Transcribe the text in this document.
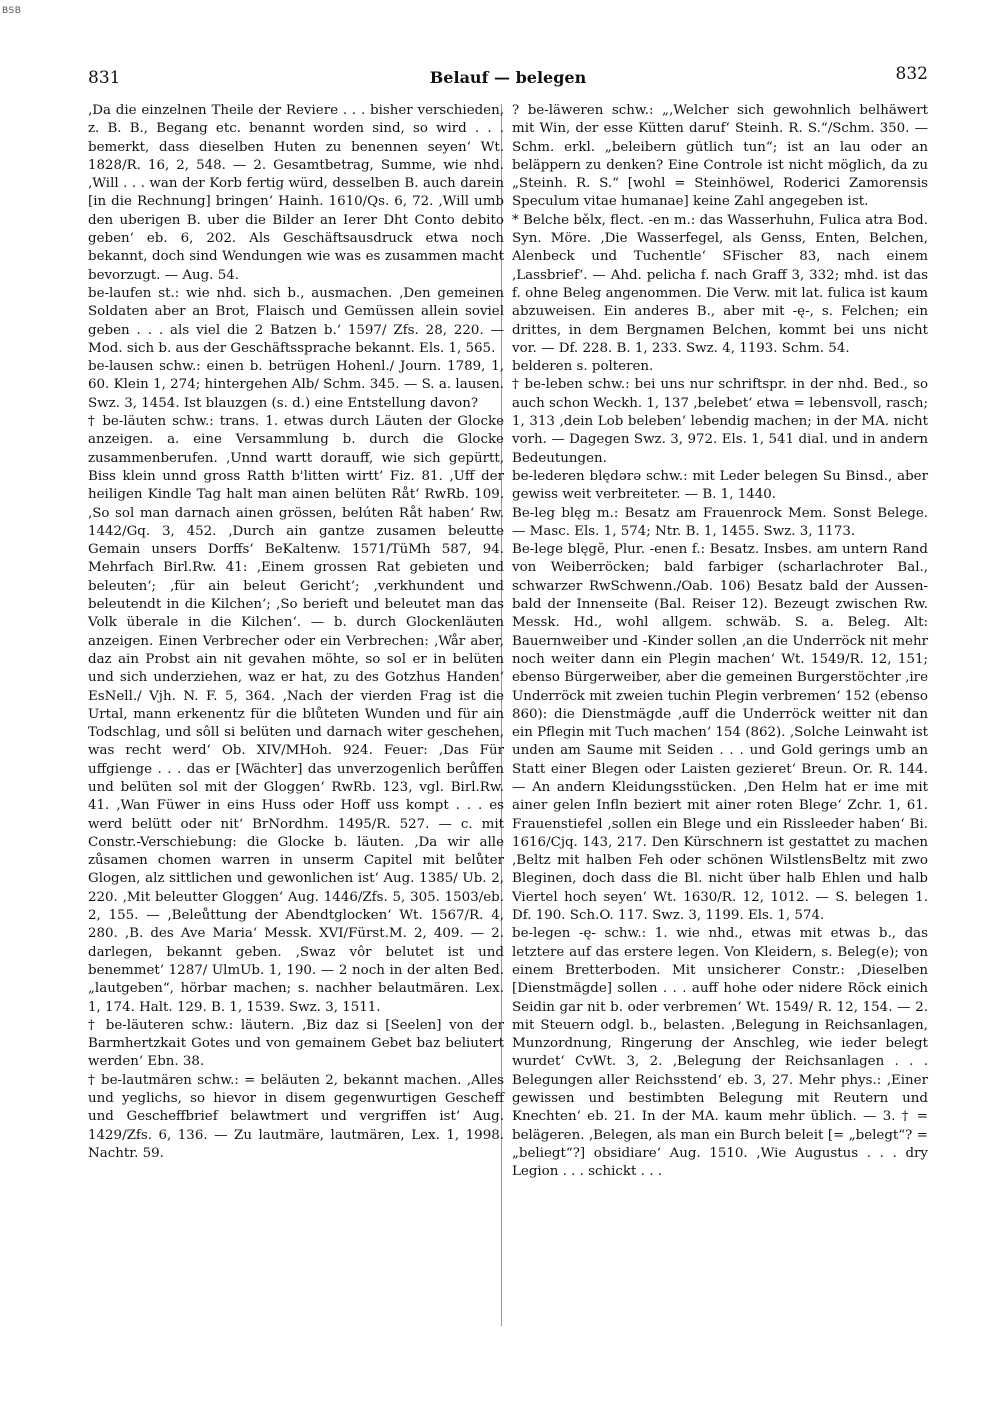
BSB
831	Belauf — belegen	832

‚Da die einzelnen Theile der Reviere . . . bisher verschieden, z. B. B., Begang etc. benannt worden sind, so wird . . . bemerkt, dass dieselben Huten zu benennen seyen‘ Wt. 1828/R. 16, 2, 548. — 2. Gesamtbetrag, Summe, wie nhd. ‚Will . . . wan der Korb fertig würd, desselben B. auch darein [in die Rechnung] bringen‘ Hainh. 1610/Qs. 6, 72. ‚Will umb den uberigen B. uber die Bilder an Ierer Dht Conto debito geben‘ eb. 6, 202. Als Geschäftsausdruck etwa noch bekannt, doch sind Wendungen wie was es zusammen macht bevorzugt. — Aug. 54.

be-laufen st.: wie nhd. sich b., ausmachen. ‚Den gemeinen Soldaten aber an Brot, Flaisch und Gemüssen allein soviel geben . . . als viel die 2 Batzen b.‘ 1597/ Zfs. 28, 220. — Mod. sich b. aus der Geschäftssprache bekannt. Els. 1, 565.

be-lausen schw.: einen b. betrügen Hohenl./ Journ. 1789, 1, 60. Klein 1, 274; hintergehen Alb/ Schm. 345. — S. a. lausen. Swz. 3, 1454. Ist blauzgen (s. d.) eine Entstellung davon?

† be-läuten schw.: trans. 1. etwas durch Läuten der Glocke anzeigen. a. eine Versammlung b. durch die Glocke zusammenberufen. ‚Unnd wartt dorauff, wie sich gepürtt, Biss klein unnd gross Ratth b'litten wirtt‘ Fiz. 81. ‚Uff der heiligen Kindle Tag halt man ainen belüten Råt‘ RwRb. 109. ‚So sol man darnach ainen grössen, belúten Råt haben‘ Rw. 1442/Gq. 3, 452. ‚Durch ain gantze zusamen beleutte Gemain unsers Dorffs‘ BeKaltenw. 1571/TüMh 587, 94. Mehrfach Birl.Rw. 41: ‚Einem grossen Rat gebieten und beleuten‘; ‚für ain beleut Gericht‘; ‚verkhundent und beleutendt in die Kilchen‘; ‚So berieft und beleutet man das Volk überale in die Kilchen‘. — b. durch Glockenläuten anzeigen. Einen Verbrecher oder ein Verbrechen: ‚Wår aber, daz ain Probst ain nit gevahen möhte, so sol er in belüten und sich underziehen, waz er hat, zu des Gotzhus Handen‘ EsNell./ Vjh. N. F. 5, 364. ‚Nach der vierden Frag ist die Urtal, mann erkenentz für die blůteten Wunden und für ain Todschlag, und sôll si belüten und darnach witer geschehen, was recht werd‘ Ob. XIV/MHoh. 924. Feuer: ‚Das Für uffgienge . . . das er [Wächter] das unverzogenlich berůffen und belüten sol mit der Gloggen‘ RwRb. 123, vgl. Birl.Rw. 41. ‚Wan Füwer in eins Huss oder Hoff uss kompt . . . es werd belütt oder nit‘ BrNordhm. 1495/R. 527. — c. mit Constr.-Verschiebung: die Glocke b. läuten. ‚Da wir alle zůsamen chomen warren in unserm Capitel mit belůter Glogen, alz sittlichen und gewonlichen ist‘ Aug. 1385/ Ub. 2, 220. ‚Mit beleutter Gloggen‘ Aug. 1446/Zfs. 5, 305. 1503/eb. 2, 155. — ‚Beleůttung der Abendtglocken‘ Wt. 1567/R. 4, 280. ‚B. des Ave Maria‘ Messk. XVI/Fürst.M. 2, 409. — 2. darlegen, bekannt geben. ‚Swaz vôr belutet ist und benemmet‘ 1287/ UlmUb. 1, 190. — 2 noch in der alten Bed. „lautgeben“, hörbar machen; s. nachher belautmären. Lex. 1, 174. Halt. 129. B. 1, 1539. Swz. 3, 1511.

† be-läuteren schw.: läutern. ‚Biz daz si [Seelen] von der Barmhertzkait Gotes und von gemainem Gebet baz beliutert werden‘ Ebn. 38.

† be-lautmären schw.: = beläuten 2, bekannt machen. ‚Alles und yeglichs, so hievor in disem gegenwurtigen Gescheff und Gescheffbrief belawtmert und vergriffen ist‘ Aug. 1429/Zfs. 6, 136. — Zu lautmäre, lautmären, Lex. 1, 1998. Nachtr. 59.

? be-läweren schw.: „‚Welcher sich gewohnlich belhäwert mit Win, der esse Kütten daruf‘ Steinh. R. S.“/Schm. 350. — Schm. erkl. „beleibern gütlich tun“; ist an lau oder an beläppern zu denken? Eine Controle ist nicht möglich, da zu „Steinh. R. S.“ [wohl = Steinhöwel, Roderici Zamorensis Speculum vitae humanae] keine Zahl angegeben ist.

* Belche bělx, flect. -en m.: das Wasserhuhn, Fulica atra Bod. Syn. Möre. ‚Die Wasserfegel, als Genss, Enten, Belchen, Alenbeck und Tuchentle‘ SFischer 83, nach einem ‚Lassbrief‘. — Ahd. pelicha f. nach Graff 3, 332; mhd. ist das f. ohne Beleg angenommen. Die Verw. mit lat. fulica ist kaum abzuweisen. Ein anderes B., aber mit -ę-, s. Felchen; ein drittes, in dem Bergnamen Belchen, kommt bei uns nicht vor. — Df. 228. B. 1, 233. Swz. 4, 1193. Schm. 54.

belderen s. polteren.

† be-leben schw.: bei uns nur schriftspr. in der nhd. Bed., so auch schon Weckh. 1, 137 ‚belebet‘ etwa = lebensvoll, rasch; 1, 313 ‚dein Lob beleben‘ lebendig machen; in der MA. nicht vorh. — Dagegen Swz. 3, 972. Els. 1, 541 dial. und in andern Bedeutungen.

be-lederen blędərə schw.: mit Leder belegen Su Binsd., aber gewiss weit verbreiteter. — B. 1, 1440.

Be-leg blęg m.: Besatz am Frauenrock Mem. Sonst Belege. — Masc. Els. 1, 574; Ntr. B. 1, 1455. Swz. 3, 1173.

Be-lege blęgĕ, Plur. -enen f.: Besatz. Insbes. am untern Rand von Weiberröcken; bald farbiger (scharlachroter Bal., schwarzer RwSchwenn./Oab. 106) Besatz bald der Aussen- bald der Innenseite (Bal. Reiser 12). Bezeugt zwischen Rw. Messk. Hd., wohl allgem. schwäb. S. a. Beleg. Alt: Bauernweiber und -Kinder sollen ‚an die Underröck nit mehr noch weiter dann ein Plegin machen‘ Wt. 1549/R. 12, 151; ebenso Bürgerweiber, aber die gemeinen Burgerstöchter ‚ire Underröck mit zweien tuchin Plegin verbremen‘ 152 (ebenso 860): die Dienstmägde ‚auff die Underröck weitter nit dan ein Pflegin mit Tuch machen‘ 154 (862). ‚Solche Leinwaht ist unden am Saume mit Seiden . . . und Gold gerings umb an Statt einer Blegen oder Laisten gezieret‘ Breun. Or. R. 144. — An andern Kleidungsstücken. ‚Den Helm hat er ime mit ainer gelen Infln beziert mit ainer roten Blege‘ Zchr. 1, 61. Frauenstiefel ‚sollen ein Blege und ein Rissleeder haben‘ Bi. 1616/Cjq. 143, 217. Den Kürschnern ist gestattet zu machen ‚Beltz mit halben Feh oder schönen WilstlensBeltz mit zwo Bleginen, doch dass die Bl. nicht über halb Ehlen und halb Viertel hoch seyen‘ Wt. 1630/R. 12, 1012. — S. belegen 1. Df. 190. Sch.O. 117. Swz. 3, 1199. Els. 1, 574.

be-legen -ę- schw.: 1. wie nhd., etwas mit etwas b., das letztere auf das erstere legen. Von Kleidern, s. Beleg(e); von einem Bretterboden. Mit unsicherer Constr.: ‚Dieselben [Dienstmägde] sollen . . . auff hohe oder nidere Röck einich Seidin gar nit b. oder verbremen‘ Wt. 1549/ R. 12, 154. — 2. mit Steuern odgl. b., belasten. ‚Belegung in Reichsanlagen, Munzordnung, Ringerung der Anschleg, wie ieder belegt wurdet‘ CvWt. 3, 2. ‚Belegung der Reichsanlagen . . . Belegungen aller Reichsstend‘ eb. 3, 27. Mehr phys.: ‚Einer gewissen und bestimbten Belegung mit Reutern und Knechten‘ eb. 21. In der MA. kaum mehr üblich. — 3. † = belägeren. ‚Belegen, als man ein Burch beleit [= „belegt“? = „beliegt“?] obsidiare‘ Aug. 1510. ‚Wie Augustus . . . dry Legion . . . schickt . . .
